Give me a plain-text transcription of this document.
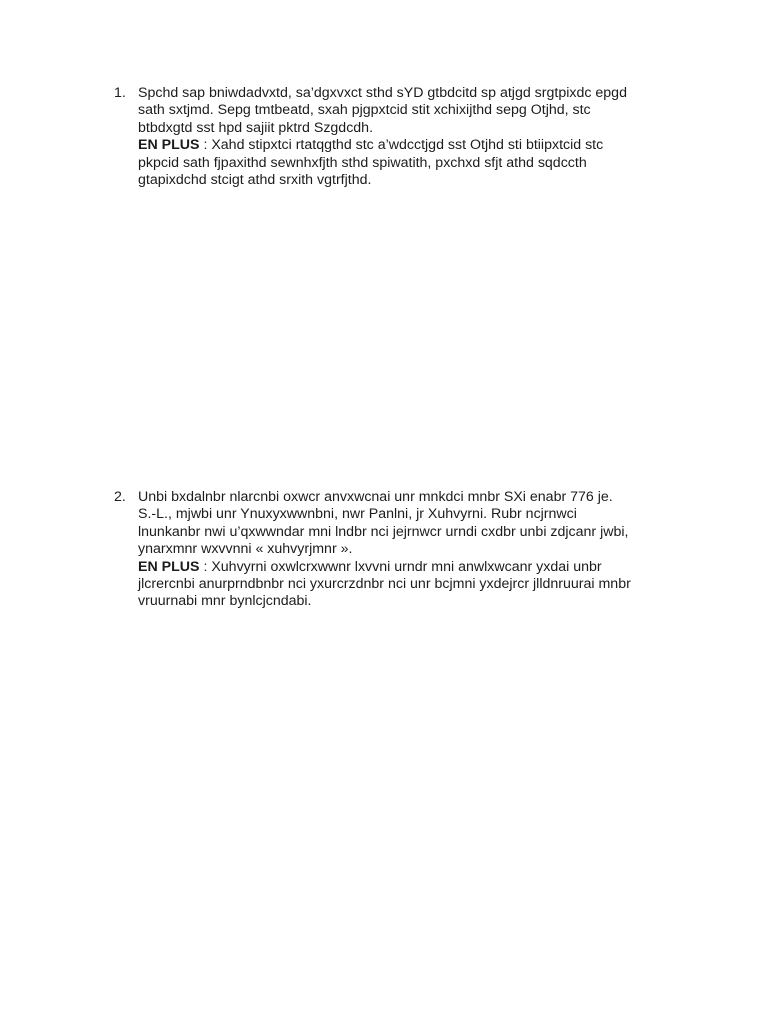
1. Spchd sap bniwdadvxtd, sa’dgxvxct sthd sYD gtbdcitd sp atjgd srgtpixdc epgd
sath sxtjmd. Sepg tmtbeatd, sxah pjgpxtcid stit xchixijthd sepg Otjhd, stc
btbdxgtd sst hpd sajiit pktrd Szgdcdh.
EN PLUS : Xahd stipxtci rtatqgthd stc a’wdcctjgd sst Otjhd sti btiipxtcid stc
pkpcid sath fjpaxithd sewnhxfjth sthd spiwatith, pxchxd sfjt athd sqdccth
gtapixdchd stcigt athd srxith vgtrfjthd.
2. Unbi bxdalnbr nlarcnbi oxwcr anvxwcnai unr mnkdci mnbr SXi enabr 776 je.
S.-L., mjwbi unr Ynuxyxwwnbni, nwr Panlni, jr Xuhvyrni. Rubr ncjrnwci
lnunkanbr nwi u’qxwwndar mni lndbr nci jejrnwcr urndi cxdbr unbi zdjcanr jwbi,
ynarxmnr wxvvnni « xuhvyrjmnr ».
EN PLUS : Xuhvyrni oxwlcrxwwnr lxvvni urndr mni anwlxwcanr yxdai unbr
jlcrercnbi anurprndbnbr nci yxurcrzdnbr nci unr bcjmni yxdejrcr jlldnruurai mnbr
vruurnabi mnr bynlcjcndabi.
